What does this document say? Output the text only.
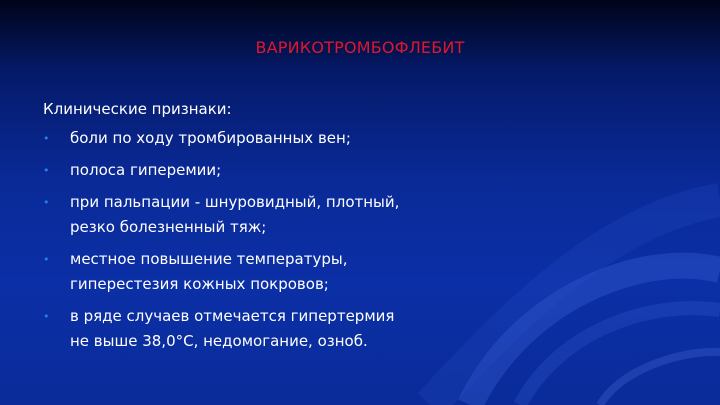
ВАРИКОТРОМБОФЛЕБИТ

Клинические признаки:

• боли по ходу тромбированных вен;
• полоса гиперемии;
• при пальпации - шнуровидный, плотный,
резко болезненный тяж;
• местное повышение температуры,
гиперестезия кожных покровов;
• в ряде случаев отмечается гипертермия
не выше 38,0°С, недомогание, озноб.
